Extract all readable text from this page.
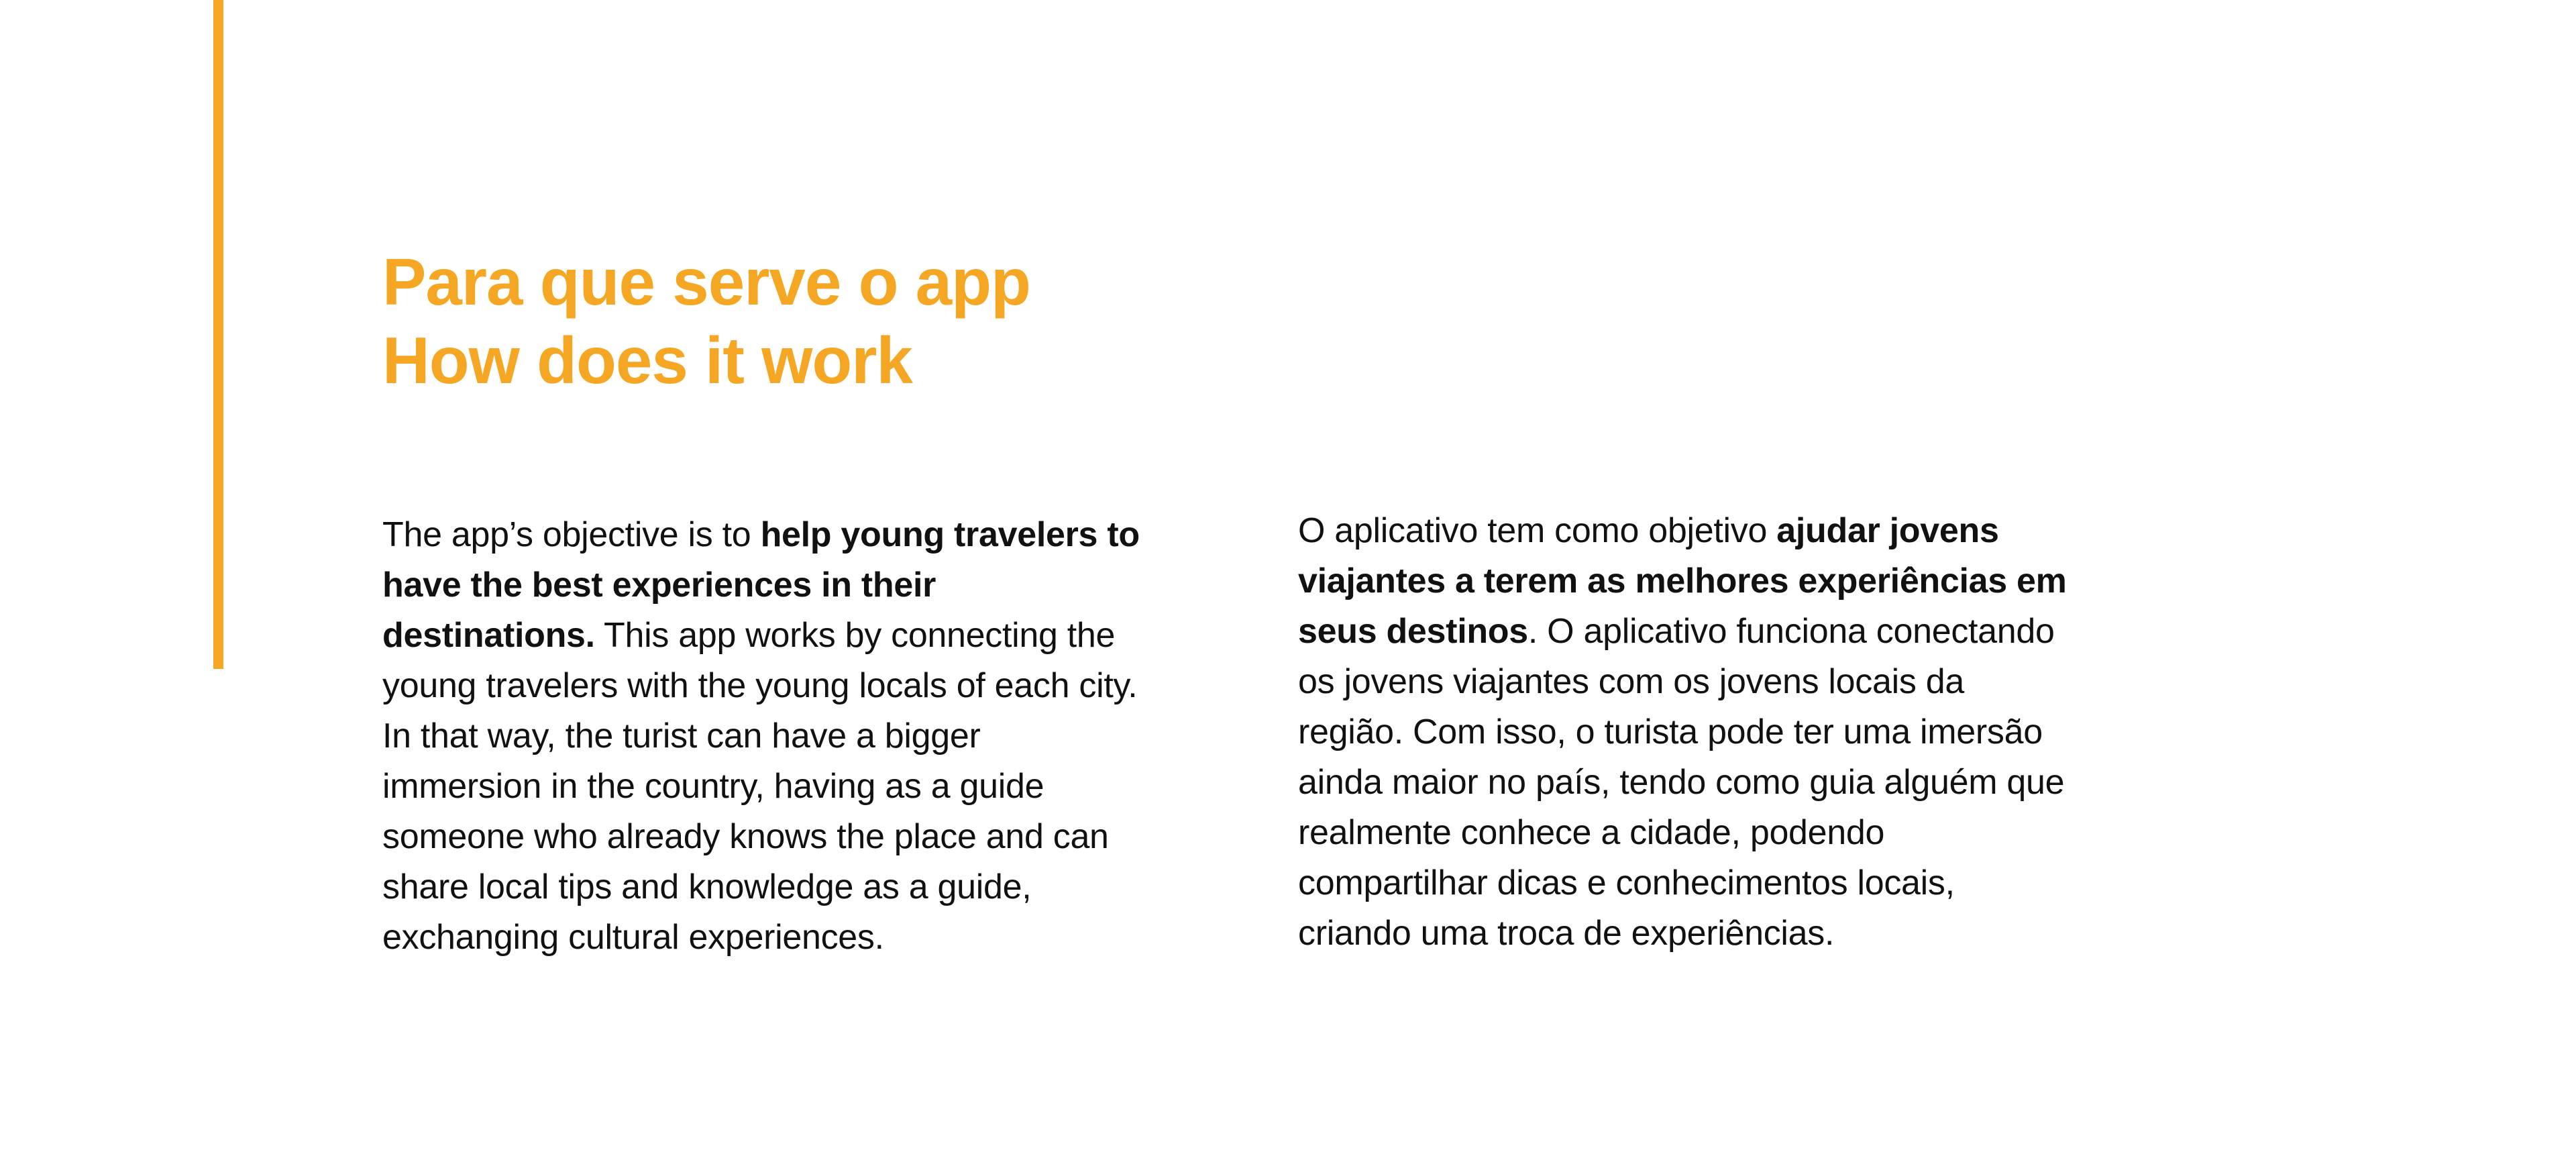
Para que serve o app
How does it work

The app’s objective is to help young travelers to have the best experiences in their destinations. This app works by connecting the young travelers with the young locals of each city. In that way, the turist can have a bigger immersion in the country, having as a guide someone who already knows the place and can share local tips and knowledge as a guide, exchanging cultural experiences.

O aplicativo tem como objetivo ajudar jovens viajantes a terem as melhores experiências em seus destinos. O aplicativo funciona conectando os jovens viajantes com os jovens locais da região. Com isso, o turista pode ter uma imersão ainda maior no país, tendo como guia alguém que realmente conhece a cidade, podendo compartilhar dicas e conhecimentos locais, criando uma troca de experiências.
